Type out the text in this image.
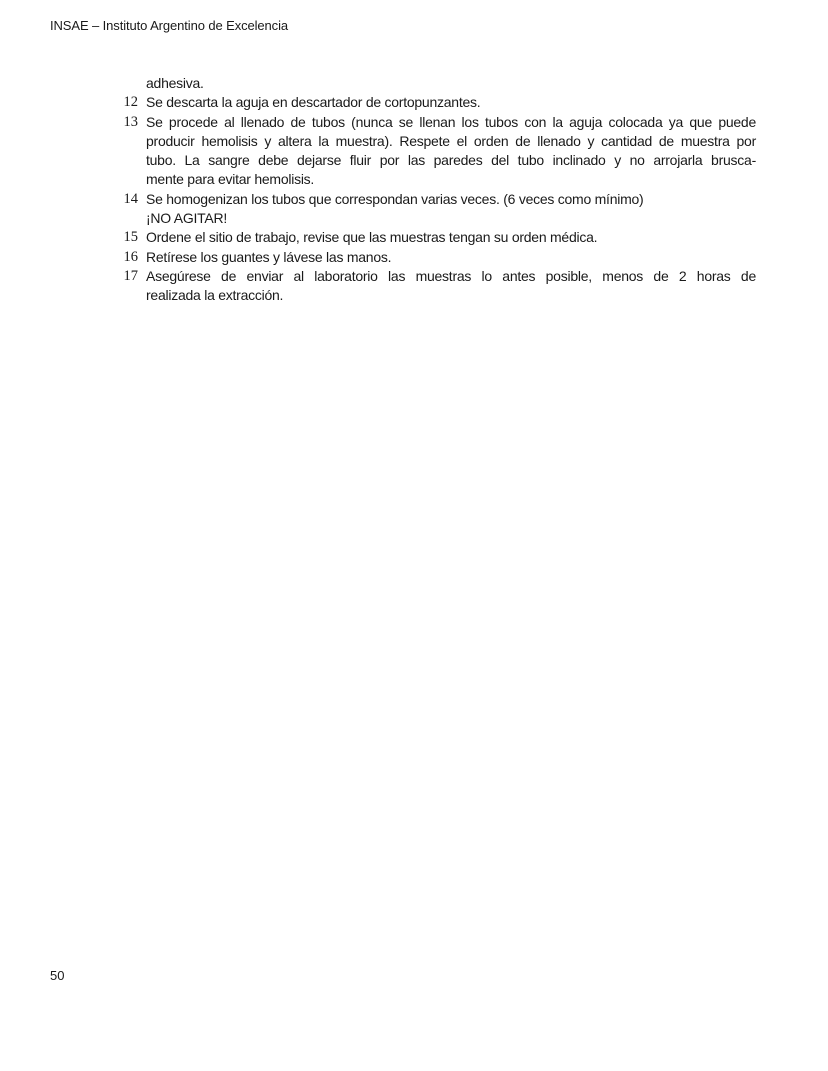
INSAE – Instituto Argentino de Excelencia
adhesiva.
12 Se descarta la aguja en descartador de cortopunzantes.
13 Se procede al llenado de tubos (nunca se llenan los tubos con la aguja colocada ya que puede
producir hemolisis y altera la muestra). Respete el orden de llenado y cantidad de muestra por
tubo. La sangre debe dejarse fluir por las paredes del tubo inclinado y no arrojarla brusca-
mente para evitar hemolisis.
14 Se homogenizan los tubos que correspondan varias veces. (6 veces como mínimo)
¡NO AGITAR!
15 Ordene el sitio de trabajo, revise que las muestras tengan su orden médica.
16 Retírese los guantes y lávese las manos.
17 Asegúrese de enviar al laboratorio las muestras lo antes posible, menos de 2 horas de
realizada la extracción.
50
